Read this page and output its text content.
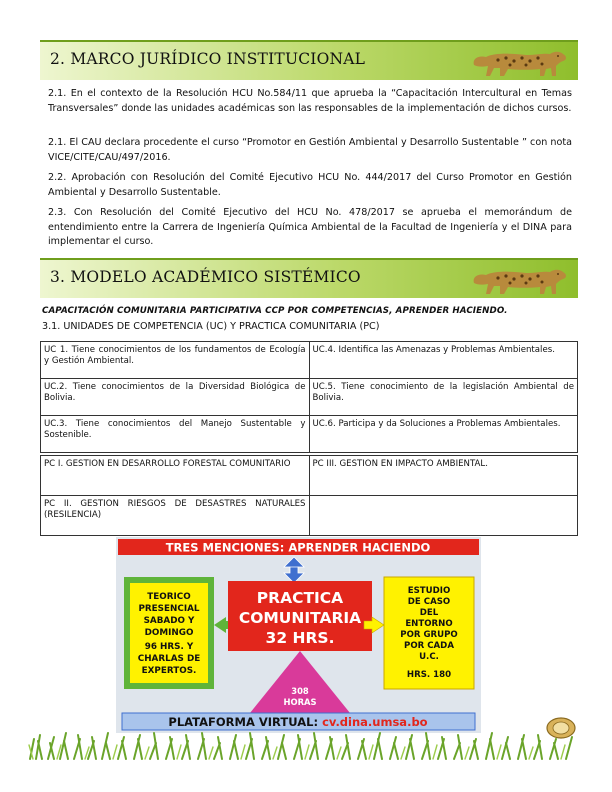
2. MARCO JURÍDICO INSTITUCIONAL

2.1. En el contexto de la Resolución HCU No.584/11 que aprueba la “Capacitación Intercultural en Temas Transversales” donde las unidades académicas son las responsables de la implementación de dichos cursos.

2.1. El CAU declara procedente el curso “Promotor en Gestión Ambiental y Desarrollo Sustentable ” con nota VICE/CITE/CAU/497/2016.

2.2. Aprobación con Resolución del Comité Ejecutivo HCU No. 444/2017 del Curso Promotor en Gestión Ambiental y Desarrollo Sustentable.

2.3. Con Resolución del Comité Ejecutivo del HCU No. 478/2017 se aprueba el memorándum de entendimiento entre la Carrera de Ingeniería Química Ambiental de la Facultad de Ingeniería y el DINA para implementar el curso.

3. MODELO ACADÉMICO SISTÉMICO
CAPACITACIÓN COMUNITARIA PARTICIPATIVA CCP POR COMPETENCIAS, APRENDER HACIENDO.
3.1. UNIDADES DE COMPETENCIA (UC) Y PRACTICA COMUNITARIA (PC)
UC 1. Tiene conocimientos de los fundamentos de Ecología y Gestión Ambiental.	UC.4. Identifica las Amenazas y Problemas Ambientales.
UC.2. Tiene conocimientos de la Diversidad Biológica de Bolivia.	UC.5. Tiene conocimiento de la legislación Ambiental de Bolivia.
UC.3. Tiene conocimientos del Manejo Sustentable y Sostenible.	UC.6. Participa y da Soluciones a Problemas Ambientales.

PC I. GESTION EN DESARROLLO FORESTAL COMUNITARIO	PC III. GESTION EN IMPACTO AMBIENTAL.
PC II. GESTION RIESGOS DE DESASTRES NATURALES (RESILENCIA)	
TRES MENCIONES: APRENDER HACIENDO
TEORICO
PRESENCIAL
SABADO Y
DOMINGO
96 HRS. Y
CHARLAS DE
EXPERTOS.
PRACTICA
COMUNITARIA
32 HRS.
ESTUDIO
DE CASO
DEL
ENTORNO
POR GRUPO
POR CADA
U.C.
HRS. 180
308
HORAS
PLATAFORMA VIRTUAL: cv.dina.umsa.bo
